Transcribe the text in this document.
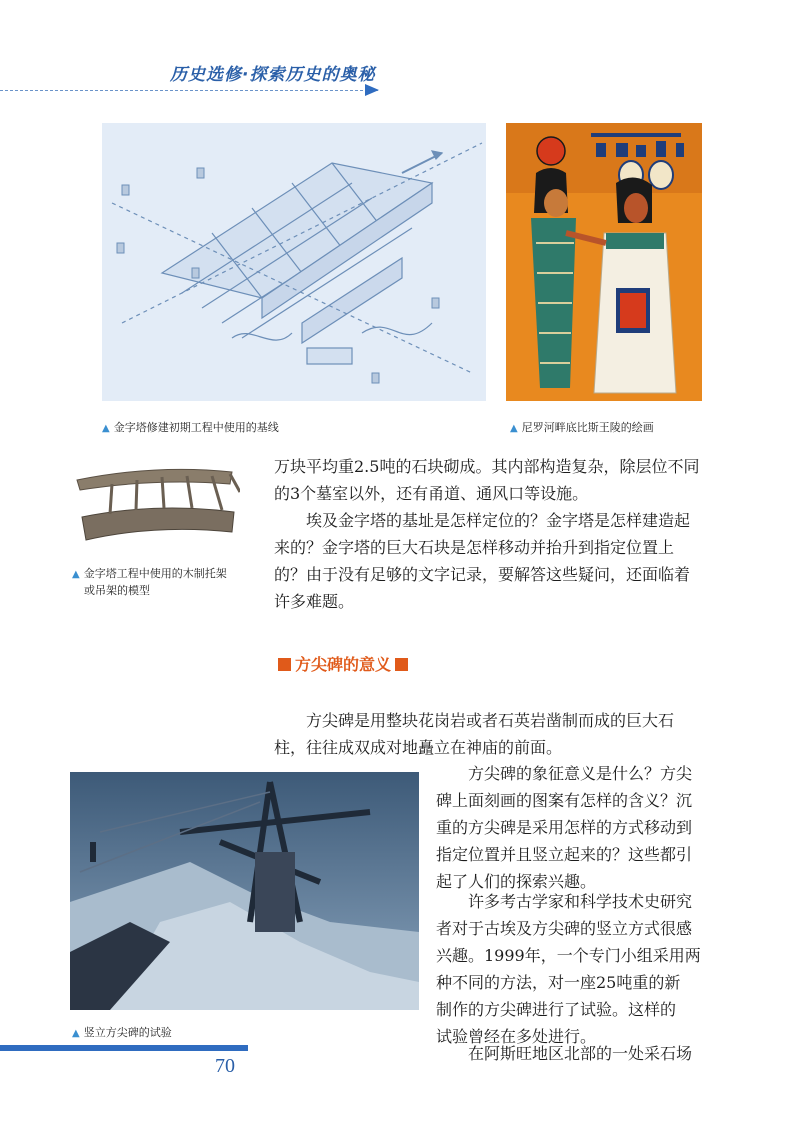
历史选修·探索历史的奥秘
▲ 金字塔修建初期工程中使用的基线	▲ 尼罗河畔底比斯王陵的绘画
▲ 金字塔工程中使用的木制托架
或吊架的模型
万块平均重2.5吨的石块砌成。其内部构造复杂，除层位不同
的3个墓室以外，还有甬道、通风口等设施。
埃及金字塔的基址是怎样定位的？金字塔是怎样建造起
来的？金字塔的巨大石块是怎样移动并抬升到指定位置上
的？由于没有足够的文字记录，要解答这些疑问，还面临着
许多难题。
方尖碑的意义
方尖碑是用整块花岗岩或者石英岩凿制而成的巨大石
柱，往往成双成对地矗立在神庙的前面。
▲ 竖立方尖碑的试验
方尖碑的象征意义是什么？方尖
碑上面刻画的图案有怎样的含义？沉
重的方尖碑是采用怎样的方式移动到
指定位置并且竖立起来的？这些都引
起了人们的探索兴趣。
许多考古学家和科学技术史研究
者对于古埃及方尖碑的竖立方式很感
兴趣。1999年，一个专门小组采用两
种不同的方法，对一座25吨重的新
制作的方尖碑进行了试验。这样的
试验曾经在多处进行。
在阿斯旺地区北部的一处采石场
70
